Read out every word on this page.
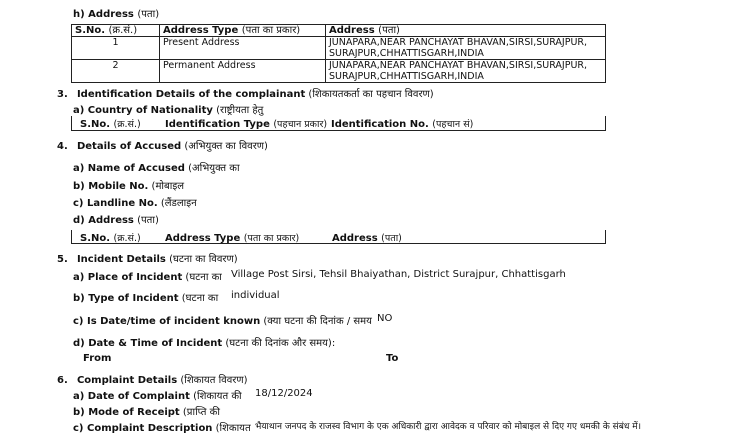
h) Address (पता)
S.No. (क्र.सं.)	Address Type (पता का प्रकार)	Address (पता)
1	Present Address	JUNAPARA,NEAR PANCHAYAT BHAVAN,SIRSI,SURAJPUR,
SURAJPUR,CHHATTISGARH,INDIA

2	Permanent Address	JUNAPARA,NEAR PANCHAYAT BHAVAN,SIRSI,SURAJPUR,
SURAJPUR,CHHATTISGARH,INDIA
3. Identification Details of the complainant (शिकायतकर्ता का पहचान विवरण)
a) Country of Nationality (राष्ट्रीयता हेतु
S.No. (क्र.सं.) Identification Type (पहचान प्रकार) Identification No. (पहचान सं)
4. Details of Accused (अभियुक्त का विवरण)
a) Name of Accused (अभियुक्त का
b) Mobile No. (मोबाइल
c) Landline No. (लैंडलाइन
d) Address (पता)
S.No. (क्र.सं.) Address Type (पता का प्रकार)	Address (पता)
5. Incident Details (घटना का विवरण)
a) Place of Incident (घटना का Village Post Sirsi, Tehsil Bhaiyathan, District Surajpur, Chhattisgarh
b) Type of Incident (घटना का individual
c) Is Date/time of incident known (क्या घटना की दिनांक / समय NO
d) Date & Time of Incident (घटना की दिनांक और समय):
From	To
6. Complaint Details (शिकायत विवरण)
a) Date of Complaint (शिकायत की 18/12/2024
b) Mode of Receipt (प्राप्ति की
c) Complaint Description (शिकायत भैयाथान जनपद के राजस्व विभाग के एक अधिकारी द्वारा आवेदक व परिवार को मोबाइल से दिए गए धमकी के संबंध में।
